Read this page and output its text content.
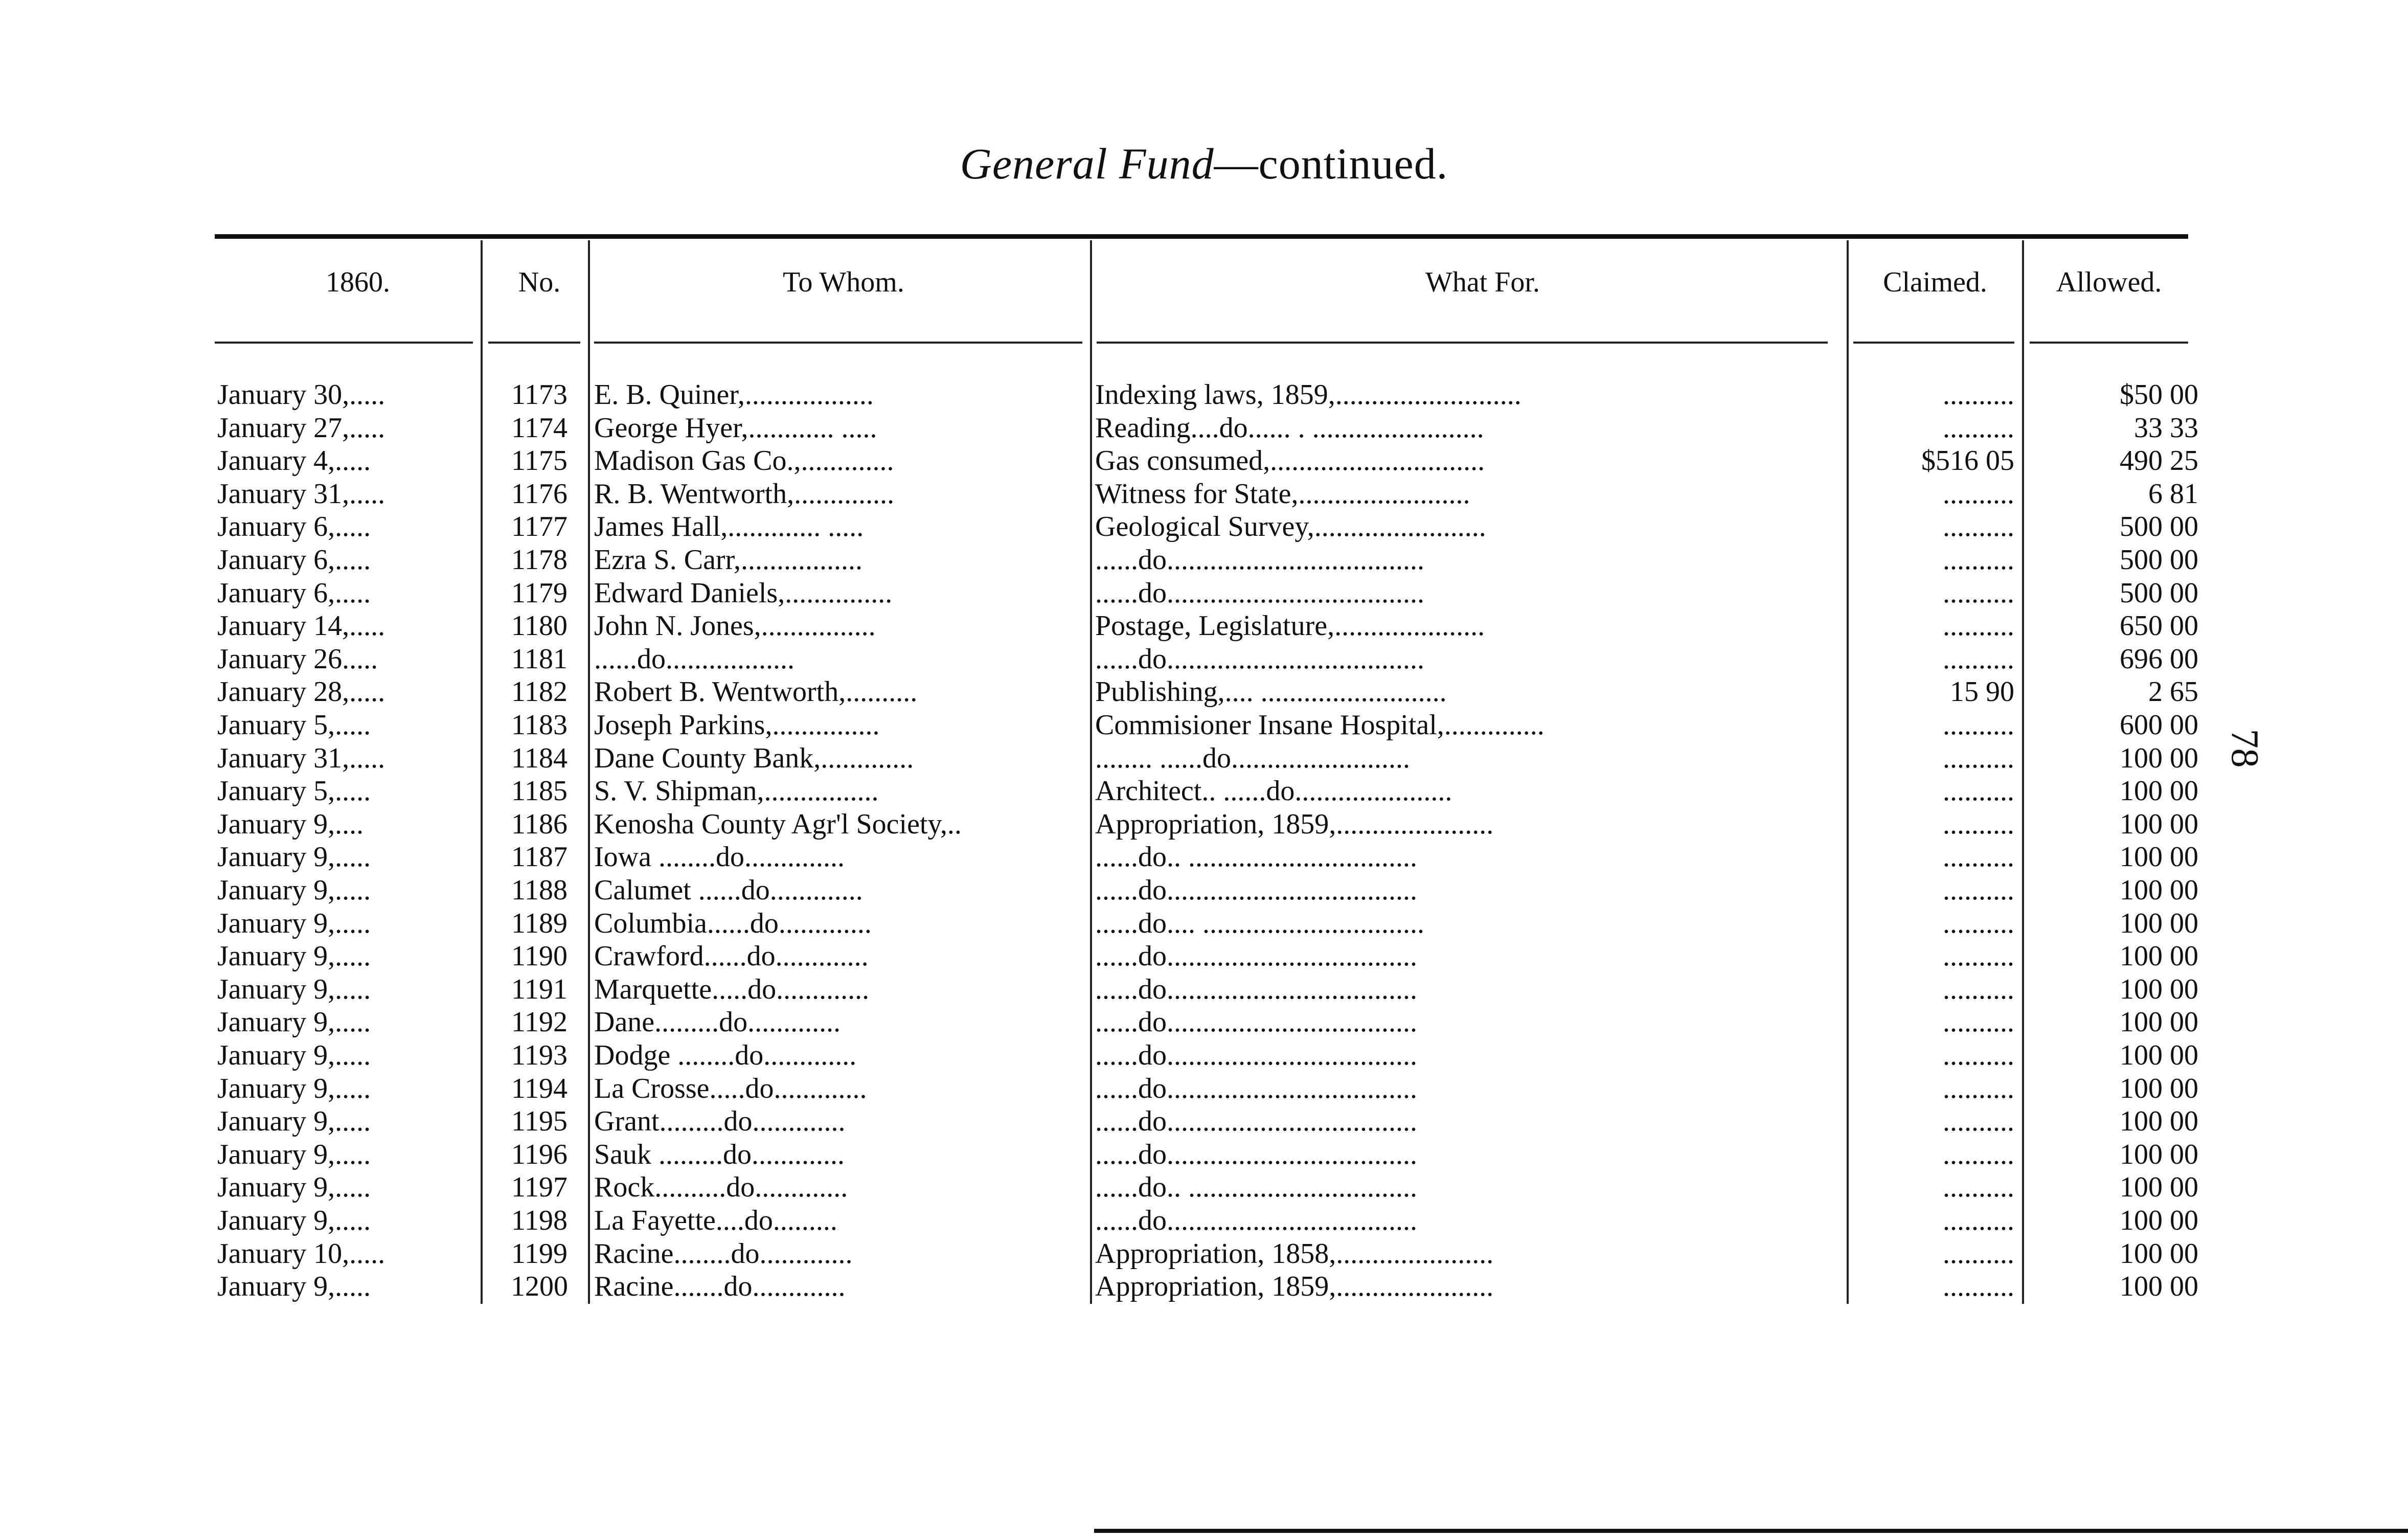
General Fund—continued.
1860.	No.	To Whom.	What For.	Claimed.	Allowed.
January 30,.....	1173 E. B. Quiner,..................	Indexing laws, 1859,..........................	..........	$50 00
January 27,.....	1174 George Hyer,............ .....	Reading....do...... . ........................	..........	33 33
January 4,.....	1175 Madison Gas Co.,.............	Gas consumed,..............................	$516 05	490 25
January 31,.....	1176 R. B. Wentworth,..............	Witness for State,........................	..........	6 81
January 6,.....	1177 James Hall,............. .....	Geological Survey,........................	..........	500 00
January 6,.....	1178 Ezra S. Carr,.................	......do....................................	..........	500 00
January 6,.....	1179 Edward Daniels,...............	......do....................................	..........	500 00
January 14,.....	1180 John N. Jones,................	Postage, Legislature,.....................	..........	650 00
January 26.....	1181 ......do..................	......do....................................	..........	696 00
January 28,.....	1182 Robert B. Wentworth,..........	Publishing,.... ..........................	15 90	2 65
January 5,.....	1183 Joseph Parkins,...............	Commisioner Insane Hospital,..............	..........	600 00
January 31,.....	1184 Dane County Bank,.............	........ ......do.........................	..........	100 00
January 5,.....	1185 S. V. Shipman,................	Architect.. ......do......................	..........	100 00
January 9,....	1186 Kenosha County Agr'l Society,..	Appropriation, 1859,......................	..........	100 00
January 9,.....	1187 Iowa ........do..............	......do.. ................................	..........	100 00
January 9,.....	1188 Calumet ......do.............	......do...................................	..........	100 00
January 9,.....	1189 Columbia......do.............	......do.... ...............................	..........	100 00
January 9,.....	1190 Crawford......do.............	......do...................................	..........	100 00
January 9,.....	1191 Marquette.....do.............	......do...................................	..........	100 00
January 9,.....	1192 Dane.........do.............	......do...................................	..........	100 00
January 9,.....	1193 Dodge ........do.............	......do...................................	..........	100 00
January 9,.....	1194 La Crosse.....do.............	......do...................................	..........	100 00
January 9,.....	1195 Grant.........do.............	......do...................................	..........	100 00
January 9,.....	1196 Sauk .........do.............	......do...................................	..........	100 00
January 9,.....	1197 Rock..........do.............	......do.. ................................	..........	100 00
January 9,.....	1198 La Fayette....do.........	......do...................................	..........	100 00
January 10,.....	1199 Racine........do.............	Appropriation, 1858,......................	..........	100 00
January 9,.....	1200 Racine.......do.............	Appropriation, 1859,......................	..........	100 00
78
